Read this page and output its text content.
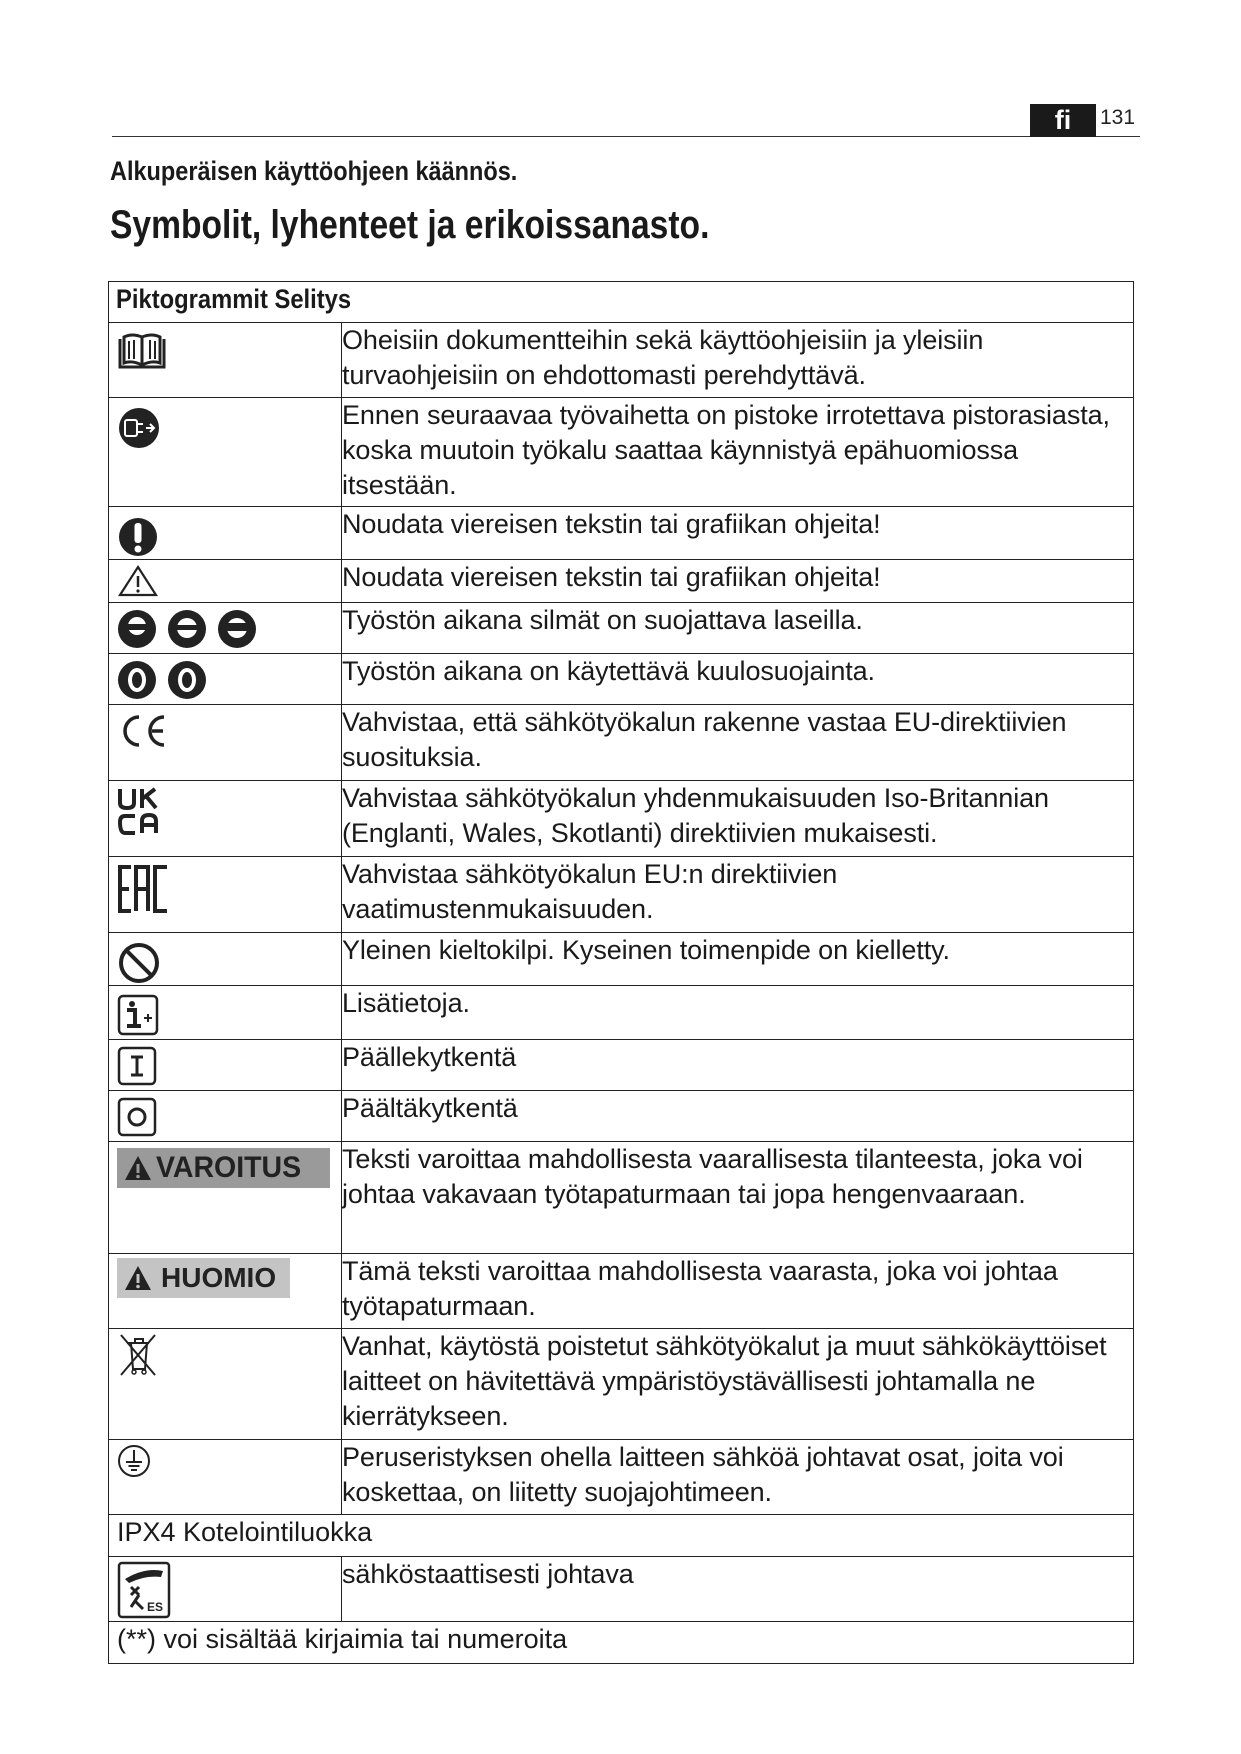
fi	131
Alkuperäisen käyttöohjeen käännös.
Symbolit, lyhenteet ja erikoissanasto.
Piktogrammit Selitys	

	Oheisiin dokumentteihin sekä käyttöohjeisiin ja yleisiin turvaohjeisiin on ehdottomasti perehdyttävä.

	Ennen seuraavaa työvaihetta on pistoke irrotettava pistorasiasta, koska muutoin työkalu saattaa käynnistyä epähuomiossa itsestään.

	Noudata viereisen tekstin tai grafiikan ohjeita!

	Noudata viereisen tekstin tai grafiikan ohjeita!

	Työstön aikana silmät on suojattava laseilla.

	Työstön aikana on käytettävä kuulosuojainta.

	Vahvistaa, että sähkötyökalun rakenne vastaa EU-direktiivien suosituksia.

	Vahvistaa sähkötyökalun yhdenmukaisuuden Iso-Britannian (Englanti, Wales, Skotlanti) direktiivien mukaisesti.

	Vahvistaa sähkötyökalun EU:n direktiivien vaatimustenmukaisuuden.

	Yleinen kieltokilpi. Kyseinen toimenpide on kielletty.

	Lisätietoja.

	Päällekytkentä

	Päältäkytkentä

VAROITUS	Teksti varoittaa mahdollisesta vaarallisesta tilanteesta, joka voi johtaa vakavaan työtapaturmaan tai jopa hengenvaaraan.

HUOMIO	Tämä teksti varoittaa mahdollisesta vaarasta, joka voi johtaa työtapaturmaan.

	Vanhat, käytöstä poistetut sähkötyökalut ja muut sähkökäyttöiset laitteet on hävitettävä ympäristöystävällisesti johtamalla ne kierrätykseen.

	Peruseristyksen ohella laitteen sähköä johtavat osat, joita voi koskettaa, on liitetty suojajohtimeen.

IPX4 Kotelointiluokka	

ES	sähköstaattisesti johtava

(**) voi sisältää kirjaimia tai numeroita	
